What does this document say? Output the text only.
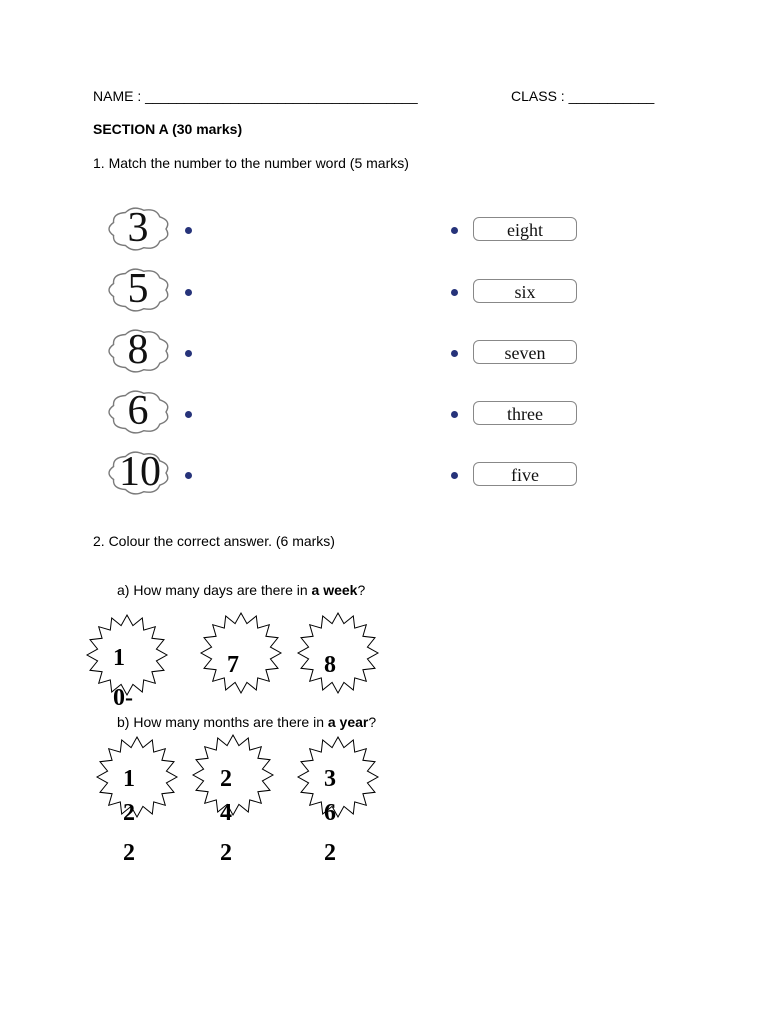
NAME : ___________________________________	CLASS : ___________
SECTION A (30 marks)
1. Match the number to the number word (5 marks)
3
5
8
6
10
eight
six
seven
three
five
2. Colour the correct answer. (6 marks)
a) How many days are there in a week?
1
0-
7	8
b) How many months are there in a year?
1
2
2
2
4
2
3
6
2
